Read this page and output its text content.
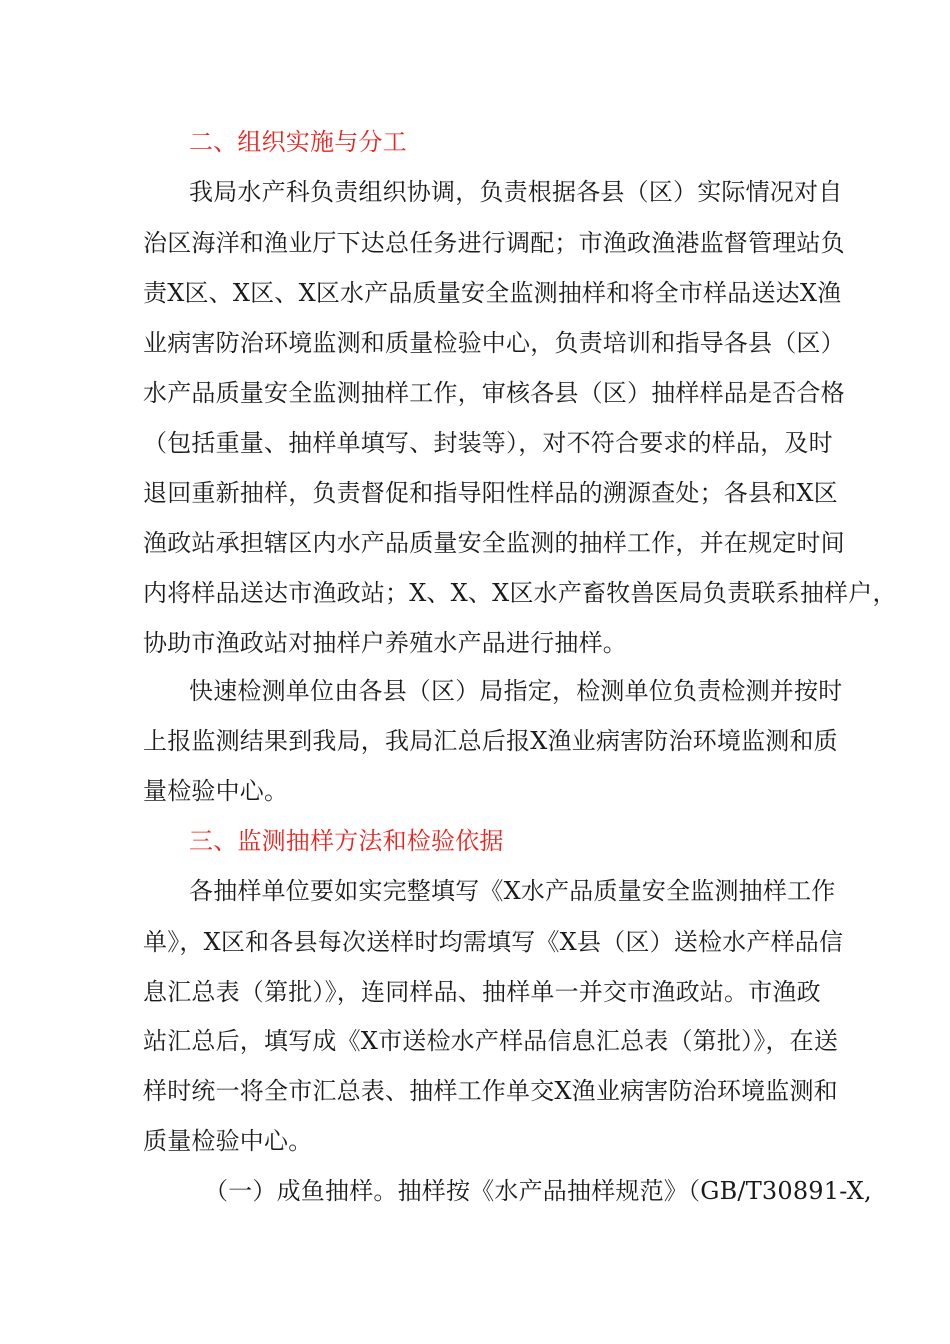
二、组织实施与分工

我局水产科负责组织协调，负责根据各县（区）实际情况对自

治区海洋和渔业厅下达总任务进行调配；市渔政渔港监督管理站负

责X区、X区、X区水产品质量安全监测抽样和将全市样品送达X渔

业病害防治环境监测和质量检验中心，负责培训和指导各县（区）

水产品质量安全监测抽样工作，审核各县（区）抽样样品是否合格

（包括重量、抽样单填写、封装等），对不符合要求的样品，及时

退回重新抽样，负责督促和指导阳性样品的溯源查处；各县和X区

渔政站承担辖区内水产品质量安全监测的抽样工作，并在规定时间

内将样品送达市渔政站；X、X、X区水产畜牧兽医局负责联系抽样户，

协助市渔政站对抽样户养殖水产品进行抽样。

快速检测单位由各县（区）局指定，检测单位负责检测并按时

上报监测结果到我局，我局汇总后报X渔业病害防治环境监测和质

量检验中心。

三、监测抽样方法和检验依据

各抽样单位要如实完整填写《X水产品质量安全监测抽样工作

单》，X区和各县每次送样时均需填写《X县（区）送检水产样品信

息汇总表（第批）》，连同样品、抽样单一并交市渔政站。市渔政

站汇总后，填写成《X市送检水产样品信息汇总表（第批）》，在送

样时统一将全市汇总表、抽样工作单交X渔业病害防治环境监测和

质量检验中心。

（一）成鱼抽样。抽样按《水产品抽样规范》（GB/T30891-X,
